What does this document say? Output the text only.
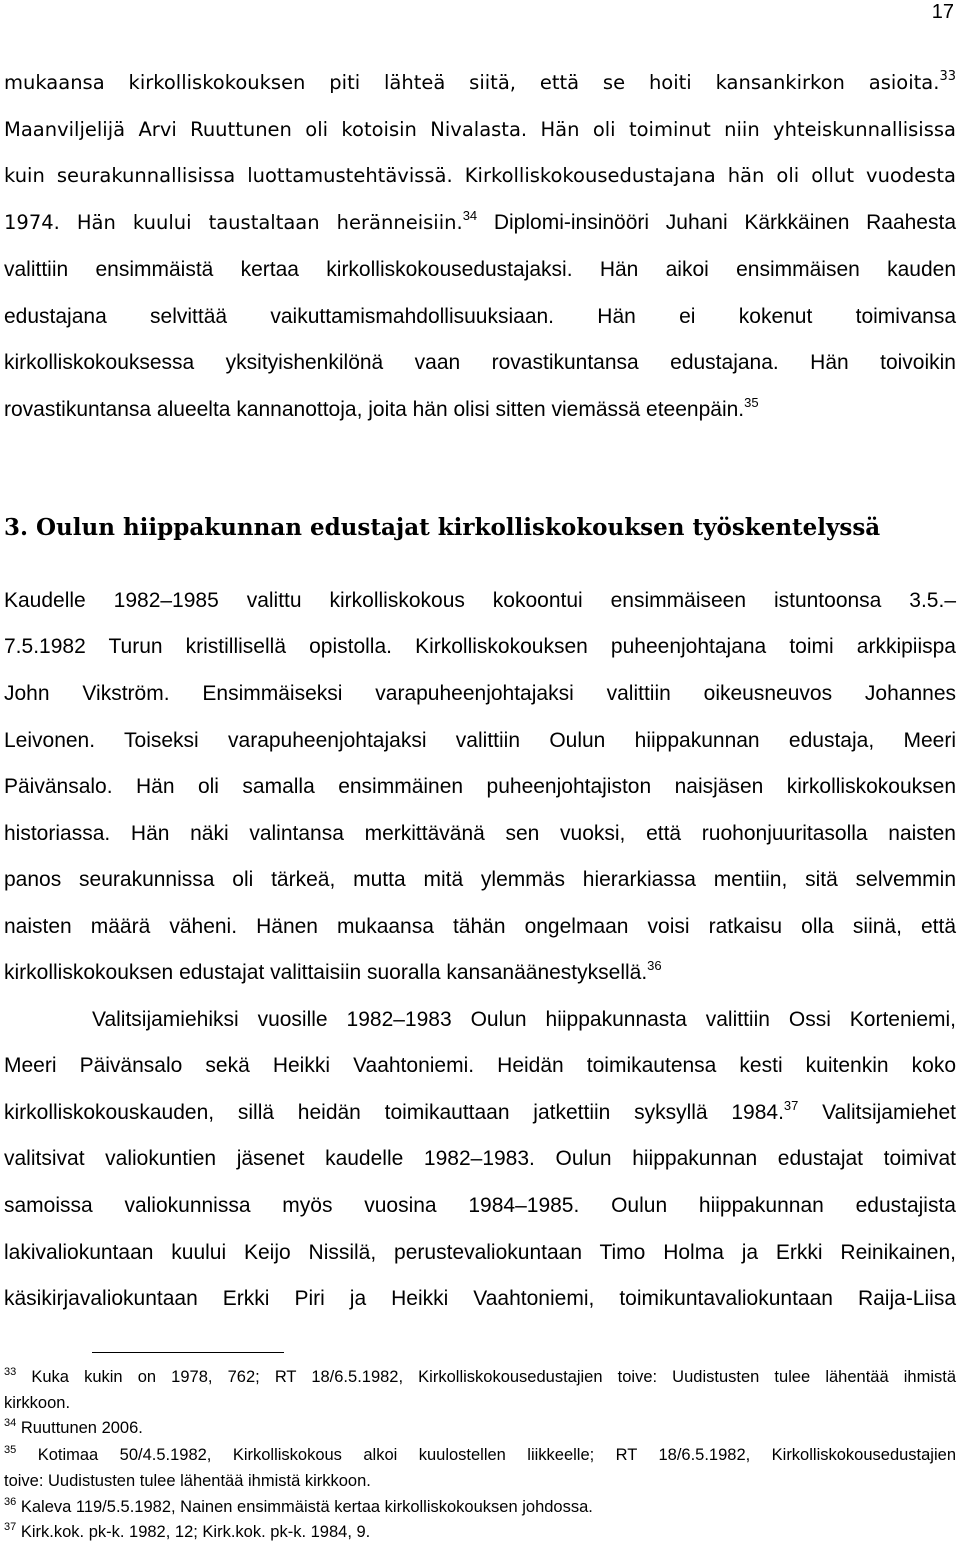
17
mukaansa kirkolliskokouksen piti lähteä siitä, että se hoiti kansankirkon asioita.$^{33}$
Maanviljelijä Arvi Ruuttunen oli kotoisin Nivalasta. Hän oli toiminut niin yhteiskunnallisissa
kuin seurakunnallisissa luottamustehtävissä. Kirkolliskokousedustajana hän oli ollut vuodesta
1974. Hän kuului taustaltaan heränneisiin.$^{34}$ Diplomi-insinööri Juhani Kärkkäinen Raahesta
valittiin ensimmäistä kertaa kirkolliskokousedustajaksi. Hän aikoi ensimmäisen kauden
edustajana selvittää vaikuttamismahdollisuuksiaan. Hän ei kokenut toimivansa
kirkolliskokouksessa yksityishenkilönä vaan rovastikuntansa edustajana. Hän toivoikin
rovastikuntansa alueelta kannanottoja, joita hän olisi sitten viemässä eteenpäin.$^{35}$
3. Oulun hiippakunnan edustajat kirkolliskokouksen työskentelyssä
Kaudelle 1982–1985 valittu kirkolliskokous kokoontui ensimmäiseen istuntoonsa 3.5.–
7.5.1982 Turun kristillisellä opistolla. Kirkolliskokouksen puheenjohtajana toimi arkkipiispa
John Vikström. Ensimmäiseksi varapuheenjohtajaksi valittiin oikeusneuvos Johannes
Leivonen. Toiseksi varapuheenjohtajaksi valittiin Oulun hiippakunnan edustaja, Meeri
Päivänsalo. Hän oli samalla ensimmäinen puheenjohtajiston naisjäsen kirkolliskokouksen
historiassa. Hän näki valintansa merkittävänä sen vuoksi, että ruohonjuuritasolla naisten
panos seurakunnissa oli tärkeä, mutta mitä ylemmäs hierarkiassa mentiin, sitä selvemmin
naisten määrä väheni. Hänen mukaansa tähän ongelmaan voisi ratkaisu olla siinä, että
kirkolliskokouksen edustajat valittaisiin suoralla kansanäänestyksellä.$^{36}$
Valitsijamiehiksi vuosille 1982–1983 Oulun hiippakunnasta valittiin Ossi Korteniemi,
Meeri Päivänsalo sekä Heikki Vaahtoniemi. Heidän toimikautensa kesti kuitenkin koko
kirkolliskokouskauden, sillä heidän toimikauttaan jatkettiin syksyllä 1984.37 Valitsijamiehet
valitsivat valiokuntien jäsenet kaudelle 1982–1983. Oulun hiippakunnan edustajat toimivat
samoissa valiokunnissa myös vuosina 1984–1985. Oulun hiippakunnan edustajista
lakivaliokuntaan kuului Keijo Nissilä, perustevaliokuntaan Timo Holma ja Erkki Reinikainen,
käsikirjavaliokuntaan Erkki Piri ja Heikki Vaahtoniemi, toimikuntavaliokuntaan Raija-Liisa
$^{33}$ Kuka kukin on 1978, 762; RT 18/6.5.1982, Kirkolliskokousedustajien toive: Uudistusten tulee lähentää ihmistä
kirkkoon.
$^{34}$ Ruuttunen 2006.
$^{35}$ Kotimaa 50/4.5.1982, Kirkolliskokous alkoi kuulostellen liikkeelle; RT 18/6.5.1982, Kirkolliskokousedustajien
toive: Uudistusten tulee lähentää ihmistä kirkkoon.
$^{36}$ Kaleva 119/5.5.1982, Nainen ensimmäistä kertaa kirkolliskokouksen johdossa.
$^{37}$ Kirk.kok. pk-k. 1982, 12; Kirk.kok. pk-k. 1984, 9.
